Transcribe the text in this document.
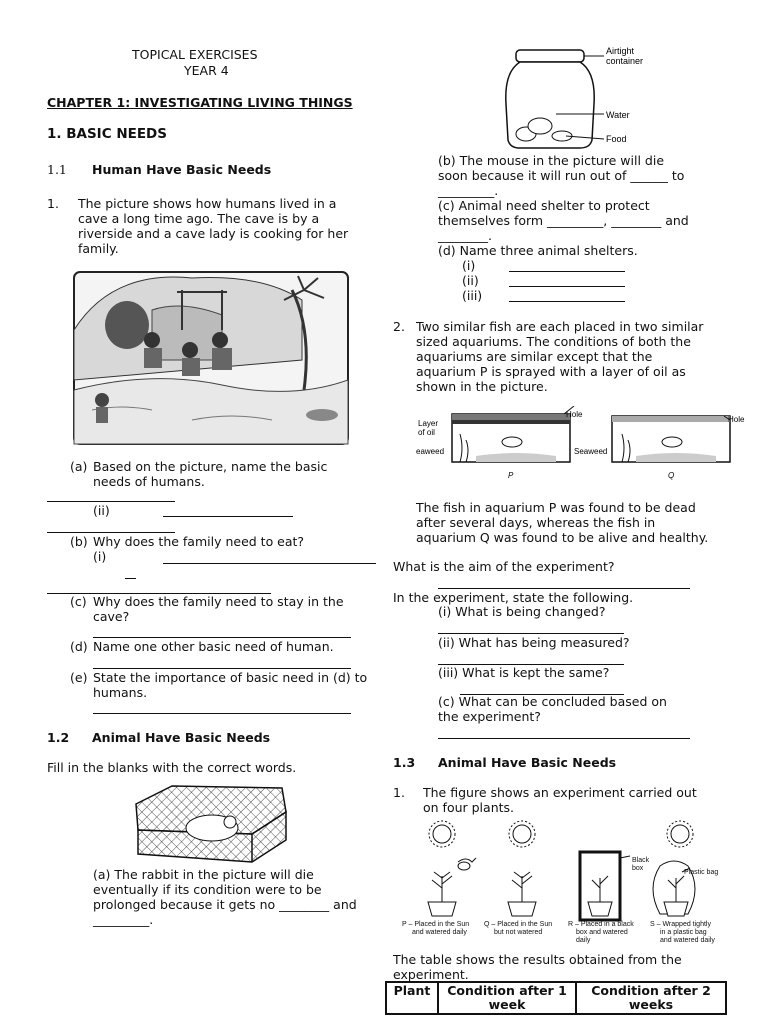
TOPICAL EXERCISES
YEAR 4
CHAPTER 1: INVESTIGATING LIVING THINGS
1. BASIC NEEDS
1.1 Human Have Basic Needs
1. The picture shows how humans lived in a
cave a long time ago. The cave is by a
riverside and a cave lady is cooking for her
family.
(a) Based on the picture, name the basic
needs of humans.
(ii)
(b) Why does the family need to eat?
(i)
(c) Why does the family need to stay in the
cave?
(d) Name one other basic need of human.
(e) State the importance of basic need in (d) to
humans.
1.2 Animal Have Basic Needs
Fill in the blanks with the correct words.
(a) The rabbit in the picture will die
eventually if its condition were to be
prolonged because it gets no ________ and
_________.
Airtight
container
Water
Food
(b) The mouse in the picture will die
soon because it will run out of ______ to
_________.
(c) Animal need shelter to protect
themselves form _________, ________ and
________.
(d) Name three animal shelters.
(i)
(ii)
(iii)
2. Two similar fish are each placed in two similar
sized aquariums. The conditions of both the
aquariums are similar except that the
aquarium P is sprayed with a layer of oil as
shown in the picture.
Layer
of oil
eaweed
Hole
Seaweed
Hole
P	Q
The fish in aquarium P was found to be dead
after several days, whereas the fish in
aquarium Q was found to be alive and healthy.
What is the aim of the experiment?
In the experiment, state the following.
(i) What is being changed?
(ii) What has being measured?
(iii) What is kept the same?
(c) What can be concluded based on
the experiment?
1.3 Animal Have Basic Needs
1. The figure shows an experiment carried out
on four plants.
Black
box
Plastic bag
P – Placed in the Sun
and watered daily
Q – Placed in the Sun
but not watered
R – Placed in a black
box and watered
daily
S – Wrapped tightly
in a plastic bag
and watered daily
The table shows the results obtained from the
experiment.
Plant	Condition after 1
week	Condition after 2
weeks
